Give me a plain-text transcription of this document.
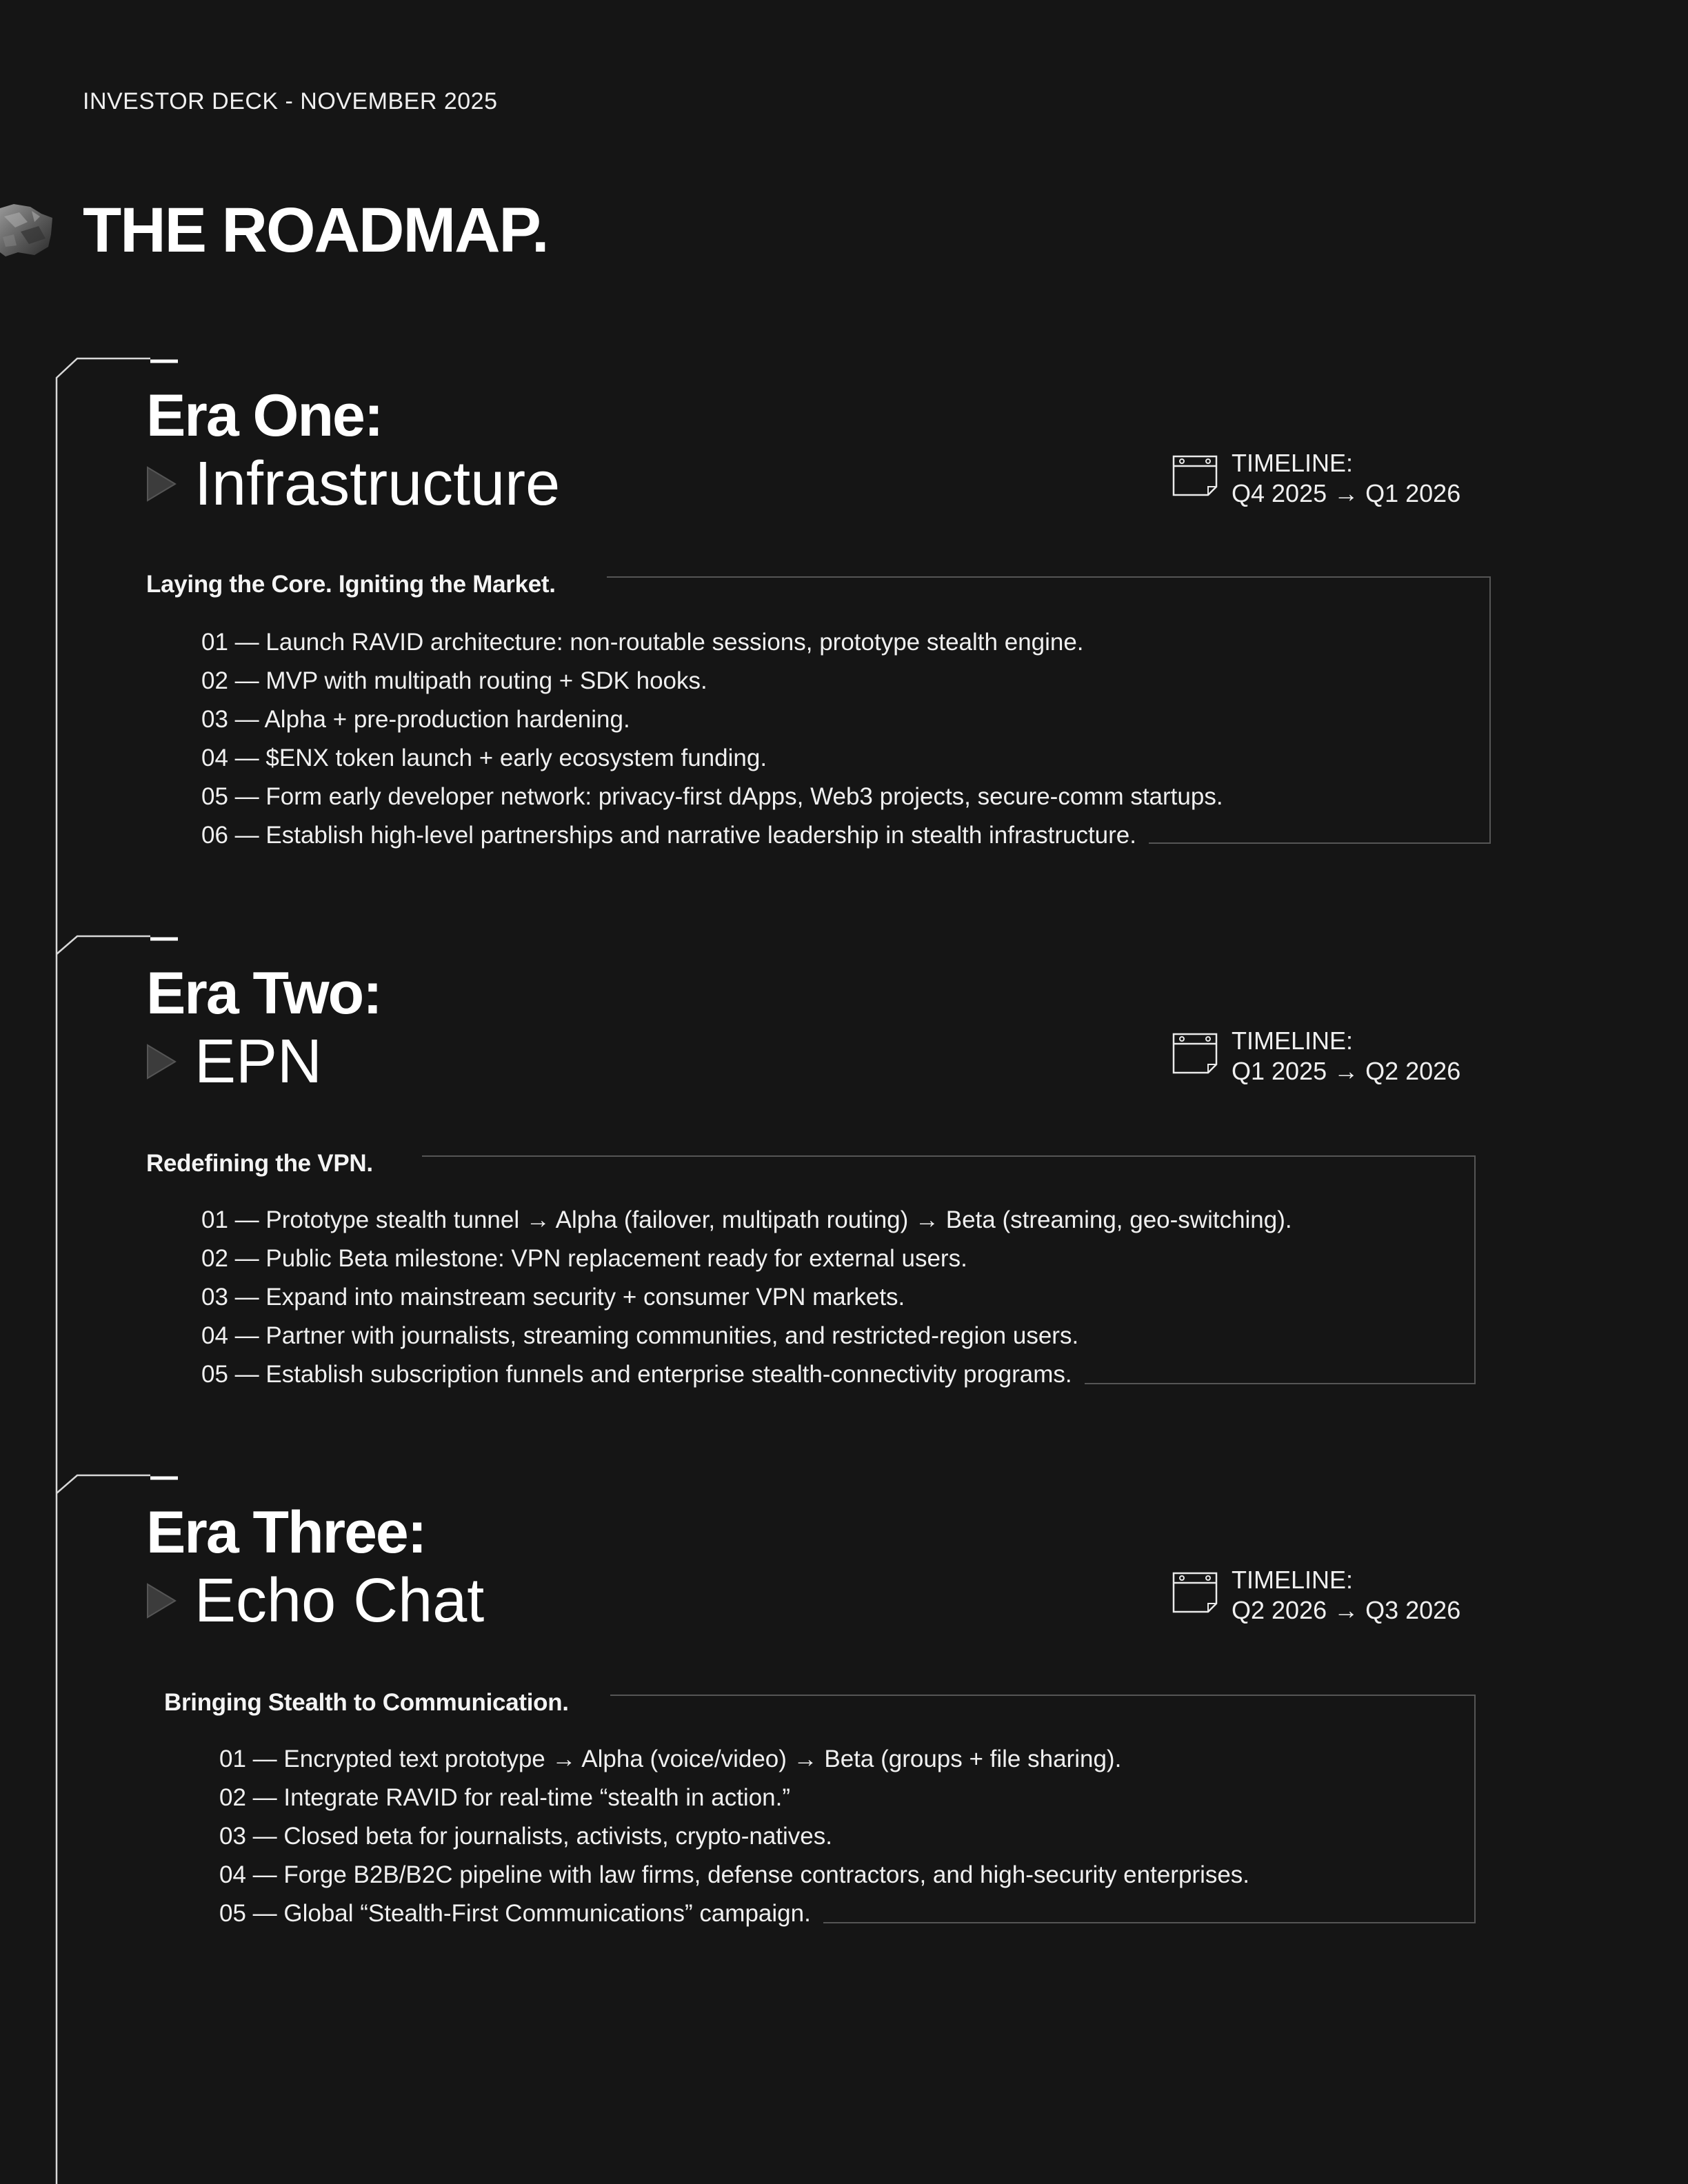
INVESTOR DECK - NOVEMBER 2025
THE ROADMAP.
Era One:
Infrastructure	TIMELINE:
Q4 2025 → Q1 2026
Laying the Core. Igniting the Market.
01 — Launch RAVID architecture: non-routable sessions, prototype stealth engine.
02 — MVP with multipath routing + SDK hooks.
03 — Alpha + pre-production hardening.
04 — $ENX token launch + early ecosystem funding.
05 — Form early developer network: privacy-first dApps, Web3 projects, secure-comm startups.
06 — Establish high-level partnerships and narrative leadership in stealth infrastructure.
Era Two:
EPN	TIMELINE:
Q1 2025 → Q2 2026
Redefining the VPN.
01 — Prototype stealth tunnel → Alpha (failover, multipath routing) → Beta (streaming, geo-switching).
02 — Public Beta milestone: VPN replacement ready for external users.
03 — Expand into mainstream security + consumer VPN markets.
04 — Partner with journalists, streaming communities, and restricted-region users.
05 — Establish subscription funnels and enterprise stealth-connectivity programs.
Era Three:
Echo Chat	TIMELINE:
Q2 2026 → Q3 2026
Bringing Stealth to Communication.
01 — Encrypted text prototype → Alpha (voice/video) → Beta (groups + file sharing).
02 — Integrate RAVID for real-time “stealth in action.”
03 — Closed beta for journalists, activists, crypto-natives.
04 — Forge B2B/B2C pipeline with law firms, defense contractors, and high-security enterprises.
05 — Global “Stealth-First Communications” campaign.
